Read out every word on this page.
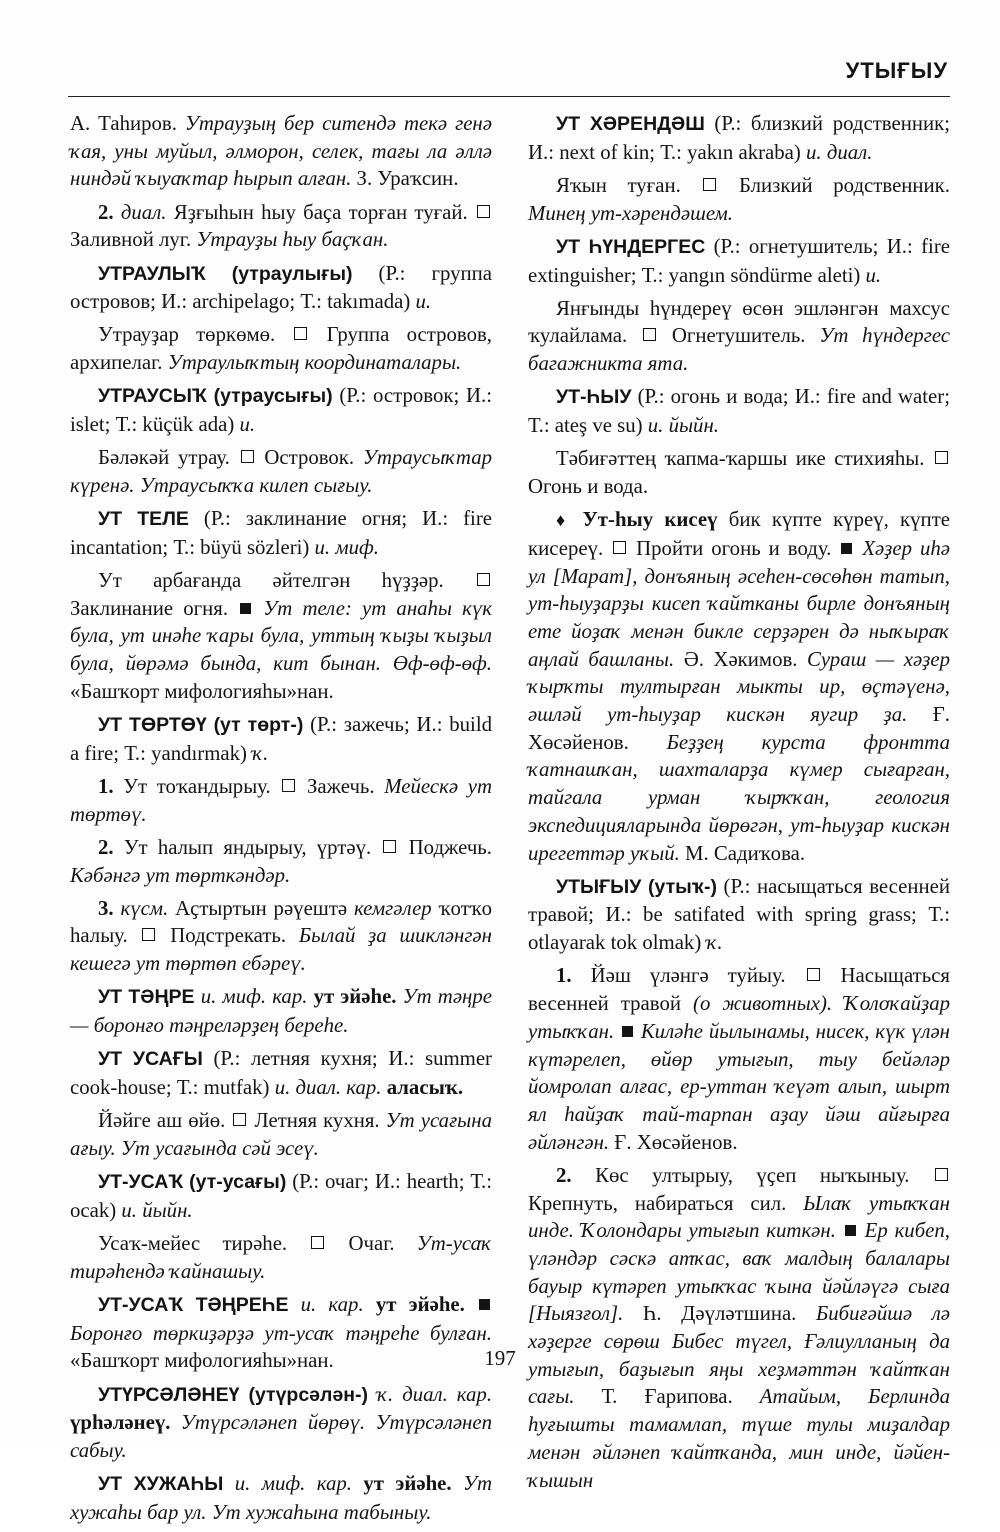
УТЫҒЫУ

А. Таһиров. Утрауҙың бер ситендә текә генә ҡая, уны муйыл, әлморон, селек, тағы ла әллә ниндәй ҡыуаҡтар һырып алған. З. Ураҡсин.

2. диал. Яҙғыһын һыу баҫа торған туғай.  Заливной луг. Утрауҙы һыу баҫҡан.

УТРАУЛЫҠ (утраулығы) (Р.: группа островов; И.: archipelago; Т.: takımada) и.

Утрауҙар төркөмө.  Группа островов, архипелаг. Утраулыҡтың координаталары.

УТРАУСЫҠ (утраусығы) (Р.: островок; И.: islet; Т.: küçük ada) и.

Бәләкәй утрау.  Островок. Утраусыҡтар күренә. Утраусыҡҡа килеп сығыу.

УТ ТЕЛЕ (Р.: заклинание огня; И.: fire incantation; Т.: büyü sözleri) и. миф.

Ут арбағанда әйтелгән һүҙҙәр.  Заклинание огня.  Ут теле: ут анаһы күк була, ут инәһе ҡары була, уттың ҡыҙы ҡыҙыл була, йөрәмә бында, кит бынан. Өф-өф-өф. «Башҡорт мифологияһы»нан.

УТ ТӨРТӨҮ (ут төрт-) (Р.: зажечь; И.: build a fire; Т.: yandırmak) ҡ.

1. Ут тоҡандырыу.  Зажечь. Мейескә ут төртөү.

2. Ут һалып яндырыу, үртәү.  Поджечь. Кәбәнгә ут төрткәндәр.

3. күсм. Аҫтыртын рәүештә кемгәлер ҡотҡо һалыу.  Подстрекать. Былай ҙа шикләнгән кешегә ут төртөп ебәреү.

УТ ТӘҢРЕ и. миф. кар. ут эйәһе. Ут тәңре — боронғо тәңреләрҙең береһе.

УТ УСАҒЫ (Р.: летняя кухня; И.: summer cook-house; Т.: mutfak) и. диал. кар. аласыҡ.

Йәйге аш өйө.  Летняя кухня. Ут усағына ағыу. Ут усағында сәй эсеү.

УТ-УСАҠ (ут-усағы) (Р.: очаг; И.: hearth; Т.: ocak) и. йыйн.

Усаҡ-мейес тирәһе.  Очаг. Ут-усаҡ тирәһендә ҡайнашыу.

УТ-УСАҠ ТӘҢРЕҺЕ и. кар. ут эйәһе.  Боронғо төркиҙәрҙә ут-усаҡ тәңреһе булған. «Башҡорт мифологияһы»нан.

УТҮРСӘЛӘНЕҮ (утүрсәлән-) ҡ. диал. кар. үрһәләнеү. Утүрсәләнеп йөрөү. Утүрсәләнеп сабыу.

УТ ХУЖАҺЫ и. миф. кар. ут эйәһе. Ут хужаһы бар ул. Ут хужаһына табыныу.

УТ ХӘРЕНДӘШ (Р.: близкий родственник; И.: next of kin; Т.: yakın akraba) и. диал.

Яҡын туған.  Близкий родственник. Минең ут-хәрендәшем.

УТ ҺҮНДЕРГЕС (Р.: огнетушитель; И.: fire extinguisher; Т.: yangın söndürme aleti) и.

Янғынды һүндереү өсөн эшләнгән махсус ҡулайлама.  Огнетушитель. Ут һүндергес багажникта ята.

УТ-ҺЫУ (Р.: огонь и вода; И.: fire and water; Т.: ateş ve su) и. йыйн.

Тәбиғәттең ҡапма-ҡаршы ике стихияһы.  Огонь и вода.

♦ Ут-һыу кисеү бик күпте күреү, күпте кисереү.  Пройти огонь и воду.  Хәҙер иһә ул [Марат], донъяның әсеһен-сөсөһөн татып, ут-һыуҙарҙы кисеп ҡайтканы бирле донъяның ете йоҙаҡ менән бикле серҙәрен дә ныҡыраҡ аңлай башланы. Ә. Хәкимов. Сураш — хәҙер ҡырҡты тултырған мыкты ир, өҫтәүенә, әшләй ут-һыуҙар кискән яугир ҙа. Ғ. Хөсәйенов. Беҙҙең курста фронтта ҡатнашҡан, шахталарҙа күмер сығарған, тайгала урман ҡырҡҡан, геология экспедицияларында йөрөгән, ут-һыуҙар кискән ирегеттәр уҡый. М. Садиҡова.

УТЫҒЫУ (утыҡ-) (Р.: насыщаться весенней травой; И.: be satifated with spring grass; Т.: otlayarak tok olmak) ҡ.

1. Йәш үләнгә туйыу.  Насыщаться весенней травой (о животных). Ҡолоҡайҙар утыҡҡан.  Киләһе йылынамы, нисек, күк үлән күтәрелеп, өйөр утығып, тыу бейәләр йомролап алғас, ер-уттан ҡеүәт алып, шырт ял һайҙаҡ тай-тарпан аҙау йәш айғырға әйләнгән. Ғ. Хөсәйенов.

2. Көс ултырыу, үҫеп ныҡыныу.  Крепнуть, набираться сил. Ылаҡ утыҡҡан инде. Ҡолондары утығып киткән.  Ер кибеп, үләндәр сәскә атҡас, ваҡ малдың балалары бауыр күтәреп утыҡҡас ҡына йәйләүгә сыға [Ныязғол]. Һ. Дәүләтшина. Бибиғәйшә лә хәҙерге сөрөш Бибес түгел, Ғәлиулланың да утығып, баҙығып яңы хеҙмәттән ҡайтҡан сағы. Т. Ғарипова. Атайым, Берлинда һуғышты тамамлап, түше тулы миҙалдар менән әйләнеп ҡайтҡанда, мин инде, йәйен-ҡышын

197
